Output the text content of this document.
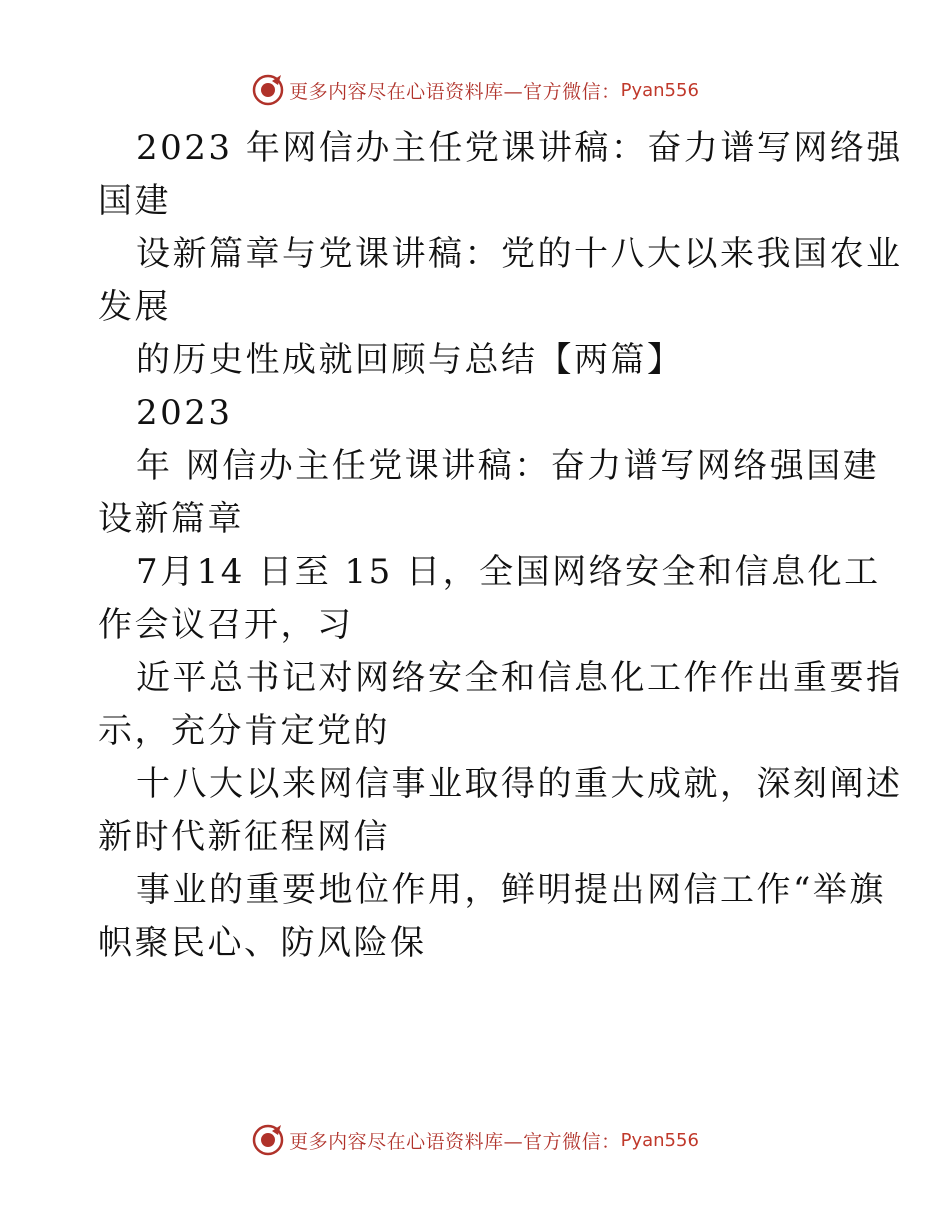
更多内容尽在心语资料库—官方微信： Pyan556
2023 年网信办主任党课讲稿：奋力谱写网络强
国建
设新篇章与党课讲稿：党的十八大以来我国农业
发展
的历史性成就回顾与总结【两篇】
2023
年 网信办主任党课讲稿：奋力谱写网络强国建
设新篇章
7月14 日至 15 日，全国网络安全和信息化工
作会议召开，习
近平总书记对网络安全和信息化工作作出重要指
示，充分肯定党的
十八大以来网信事业取得的重大成就，深刻阐述
新时代新征程网信
事业的重要地位作用，鲜明提出网信工作“举旗
帜聚民心、防风险保
更多内容尽在心语资料库—官方微信： Pyan556
